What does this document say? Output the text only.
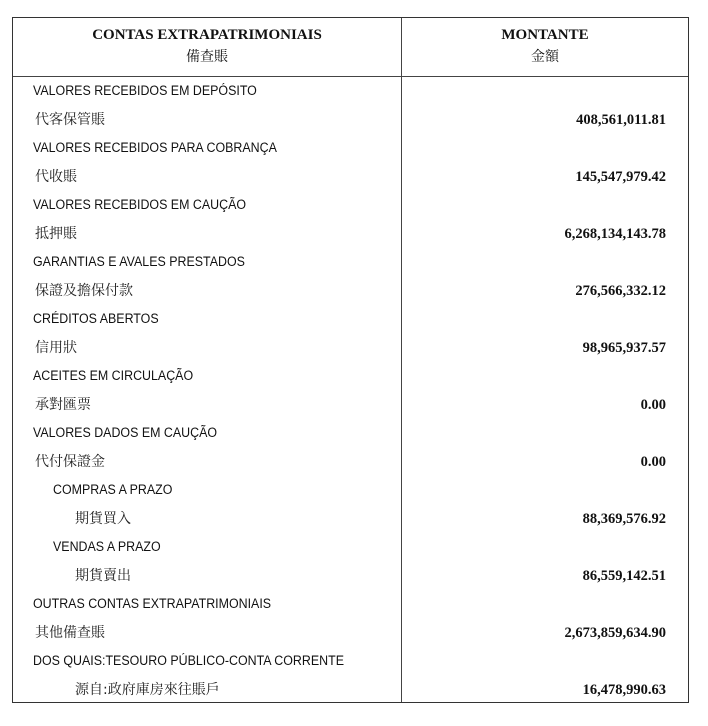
CONTAS EXTRAPATRIMONIAIS
備查賬
MONTANTE
金額
VALORES RECEBIDOS EM DEPÓSITO
代客保管賬	408,561,011.81
VALORES RECEBIDOS PARA COBRANÇA
代收賬	145,547,979.42
VALORES RECEBIDOS EM CAUÇÃO
抵押賬	6,268,134,143.78
GARANTIAS E AVALES PRESTADOS
保證及擔保付款	276,566,332.12
CRÉDITOS ABERTOS
信用狀	98,965,937.57
ACEITES EM CIRCULAÇÃO
承對匯票	0.00
VALORES DADOS EM CAUÇÃO
代付保證金	0.00
COMPRAS A PRAZO
期貨買入	88,369,576.92
VENDAS A PRAZO
期貨賣出	86,559,142.51
OUTRAS CONTAS EXTRAPATRIMONIAIS
其他備查賬	2,673,859,634.90
DOS QUAIS:TESOURO PÚBLICO-CONTA CORRENTE
源自:政府庫房來往賬戶	16,478,990.63
